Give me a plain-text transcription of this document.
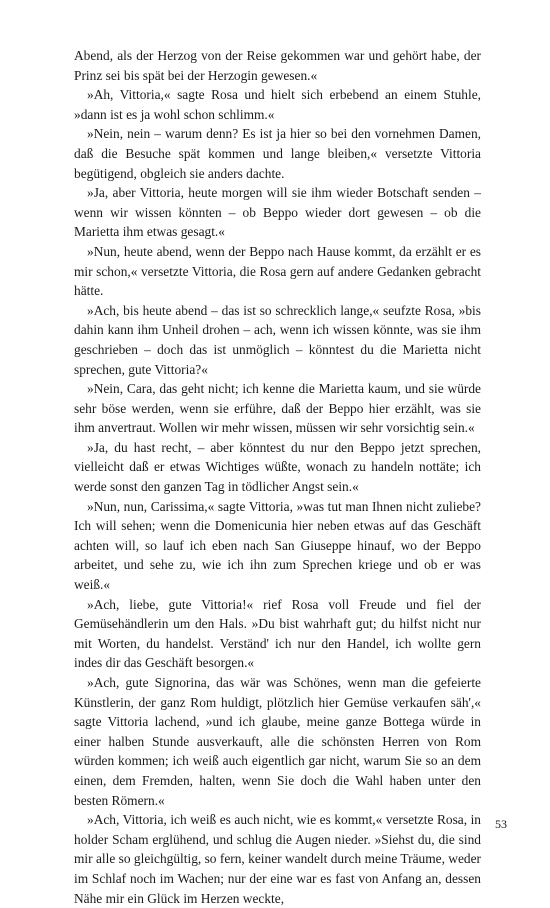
Abend, als der Herzog von der Reise gekommen war und gehört habe, der Prinz sei bis spät bei der Herzogin gewesen.«

»Ah, Vittoria,« sagte Rosa und hielt sich erbebend an einem Stuhle, »dann ist es ja wohl schon schlimm.«

»Nein, nein – warum denn? Es ist ja hier so bei den vornehmen Damen, daß die Besuche spät kommen und lange bleiben,« versetzte Vittoria begütigend, obgleich sie anders dachte.

»Ja, aber Vittoria, heute morgen will sie ihm wieder Botschaft senden – wenn wir wissen könnten – ob Beppo wieder dort gewesen – ob die Marietta ihm etwas gesagt.«

»Nun, heute abend, wenn der Beppo nach Hause kommt, da erzählt er es mir schon,« versetzte Vittoria, die Rosa gern auf andere Gedanken gebracht hätte.

»Ach, bis heute abend – das ist so schrecklich lange,« seufzte Rosa, »bis dahin kann ihm Unheil drohen – ach, wenn ich wissen könnte, was sie ihm geschrieben – doch das ist unmöglich – könntest du die Marietta nicht sprechen, gute Vittoria?«

»Nein, Cara, das geht nicht; ich kenne die Marietta kaum, und sie würde sehr böse werden, wenn sie erführe, daß der Beppo hier erzählt, was sie ihm anvertraut. Wollen wir mehr wissen, müssen wir sehr vorsichtig sein.«

»Ja, du hast recht, – aber könntest du nur den Beppo jetzt sprechen, vielleicht daß er etwas Wichtiges wüßte, wonach zu handeln nottäte; ich werde sonst den ganzen Tag in tödlicher Angst sein.«

»Nun, nun, Carissima,« sagte Vittoria, »was tut man Ihnen nicht zuliebe? Ich will sehen; wenn die Domenicunia hier neben etwas auf das Geschäft achten will, so lauf ich eben nach San Giuseppe hinauf, wo der Beppo arbeitet, und sehe zu, wie ich ihn zum Sprechen kriege und ob er was weiß.«

»Ach, liebe, gute Vittoria!« rief Rosa voll Freude und fiel der Gemüsehändlerin um den Hals. »Du bist wahrhaft gut; du hilfst nicht nur mit Worten, du handelst. Verständ' ich nur den Handel, ich wollte gern indes dir das Geschäft besorgen.«

»Ach, gute Signorina, das wär was Schönes, wenn man die gefeierte Künstlerin, der ganz Rom huldigt, plötzlich hier Gemüse verkaufen säh',« sagte Vittoria lachend, »und ich glaube, meine ganze Bottega würde in einer halben Stunde ausverkauft, alle die schönsten Herren von Rom würden kommen; ich weiß auch eigentlich gar nicht, warum Sie so an dem einen, dem Fremden, halten, wenn Sie doch die Wahl haben unter den besten Römern.«

»Ach, Vittoria, ich weiß es auch nicht, wie es kommt,« versetzte Rosa, in holder Scham erglühend, und schlug die Augen nieder. »Siehst du, die sind mir alle so gleichgültig, so fern, keiner wandelt durch meine Träume, weder im Schlaf noch im Wachen; nur der eine war es fast von Anfang an, dessen Nähe mir ein Glück im Herzen weckte,

53
